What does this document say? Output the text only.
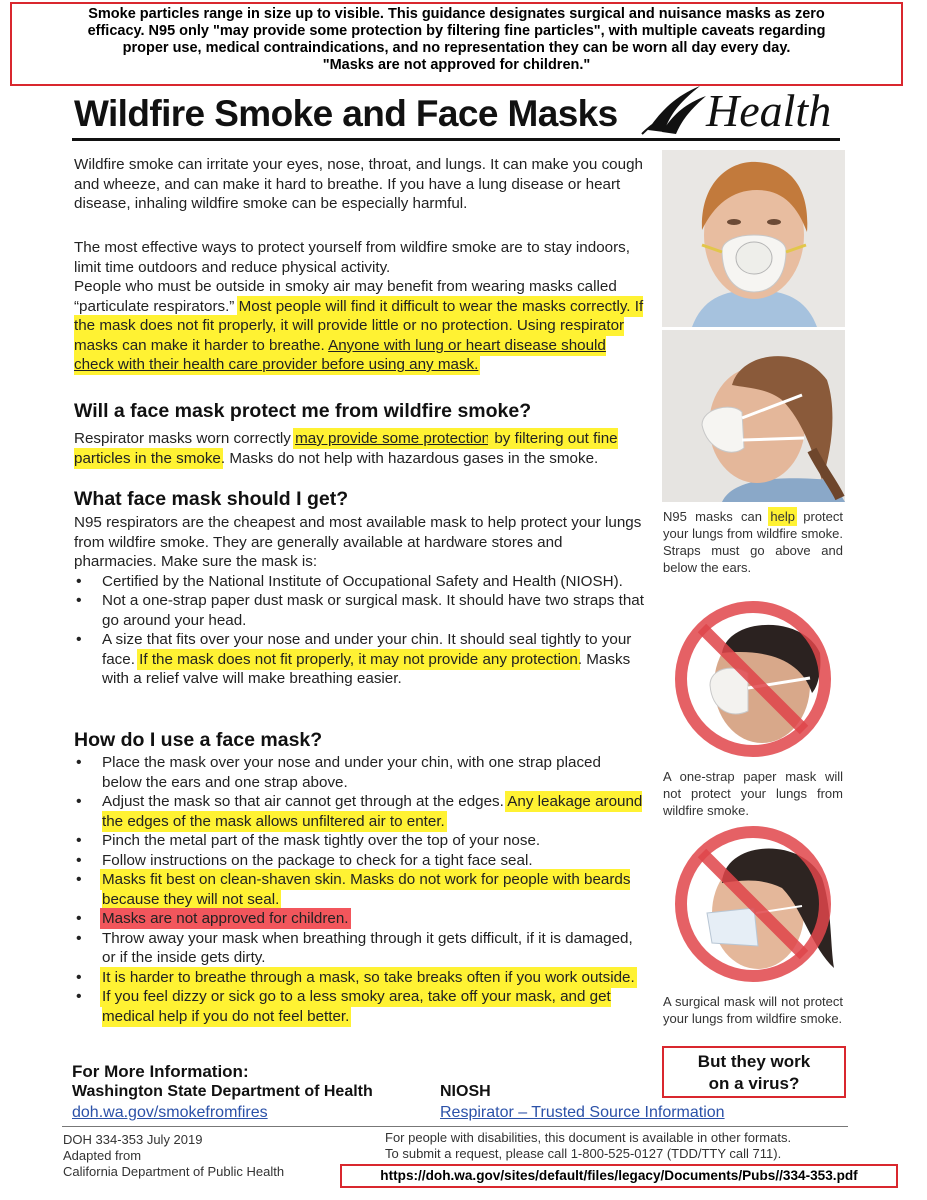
Smoke particles range in size up to visible. This guidance designates surgical and nuisance masks as zero
efficacy. N95 only "may provide some protection by filtering fine particles", with multiple caveats regarding
proper use, medical contraindications, and no representation they can be worn all day every day.
"Masks are not approved for children."
Wildfire Smoke and Face Masks Health

Wildfire smoke can irritate your eyes, nose, throat, and lungs. It can make you cough and wheeze, and can make it hard to breathe. If you have a lung disease or heart disease, inhaling wildfire smoke can be especially harmful.

The most effective ways to protect yourself from wildfire smoke are to stay indoors, limit time outdoors and reduce physical activity.
People who must be outside in smoky air may benefit from wearing masks called “particulate respirators.” Most people will find it difficult to wear the masks correctly. If the mask does not fit properly, it will provide little or no protection. Using respirator masks can make it harder to breathe. Anyone with lung or heart disease should check with their health care provider before using any mask.

Will a face mask protect me from wildfire smoke?

Respirator masks worn correctly may provide some protection by filtering out fine particles in the smoke. Masks do not help with hazardous gases in the smoke.

What face mask should I get?

N95 respirators are the cheapest and most available mask to help protect your lungs from wildfire smoke. They are generally available at hardware stores and pharmacies. Make sure the mask is:

• Certified by the National Institute of Occupational Safety and Health (NIOSH).
• Not a one-strap paper dust mask or surgical mask. It should have two straps that go around your head.
• A size that fits over your nose and under your chin. It should seal tightly to your face. If the mask does not fit properly, it may not provide any protection. Masks with a relief valve will make breathing easier.
How do I use a face mask?
• Place the mask over your nose and under your chin, with one strap placed below the ears and one strap above.
• Adjust the mask so that air cannot get through at the edges. Any leakage around the edges of the mask allows unfiltered air to enter.
• Pinch the metal part of the mask tightly over the top of your nose.
• Follow instructions on the package to check for a tight face seal.
• Masks fit best on clean-shaven skin. Masks do not work for people with beards because they will not seal.
• Masks are not approved for children.
• Throw away your mask when breathing through it gets difficult, if it is damaged, or if the inside gets dirty.
• It is harder to breathe through a mask, so take breaks often if you work outside.
• If you feel dizzy or sick go to a less smoky area, take off your mask, and get medical help if you do not feel better.
N95 masks can help protect your lungs from wildfire smoke. Straps must go above and below the ears.
A one-strap paper mask will not protect your lungs from wildfire smoke.
A surgical mask will not protect your lungs from wildfire smoke.
But they work
on a virus?
For More Information:
Washington State Department of Health
doh.wa.gov/smokefromfires
NIOSH
Respirator – Trusted Source Information
DOH 334-353 July 2019
Adapted from
California Department of Public Health
For people with disabilities, this document is available in other formats.
To submit a request, please call 1-800-525-0127 (TDD/TTY call 711).
https://doh.wa.gov/sites/default/files/legacy/Documents/Pubs//334-353.pdf
